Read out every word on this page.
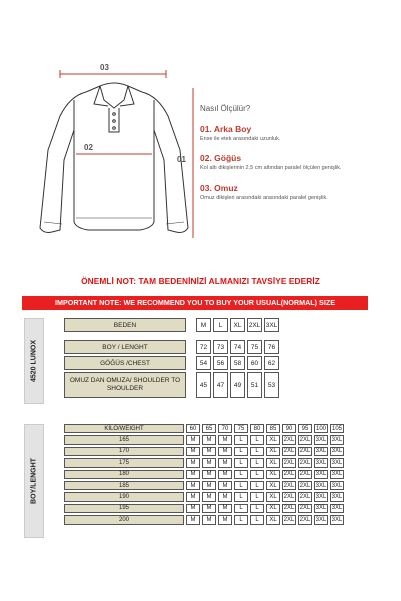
03
02
01
Nasıl Ölçülür?
01. Arka Boy
Ense ile etek arasındaki uzunluk.
02. Göğüs
Kol altı dikişlerinin 2,5 cm altından paralel ölçülen genişlik.
03. Omuz
Omuz dikişleri arasındaki arasındaki paralel genişlik.
ÖNEMLİ NOT: TAM BEDENİNİZİ ALMANIZI TAVSİYE EDERİZ
IMPORTANT NOTE: WE RECOMMEND YOU TO BUY YOUR USUAL(NORMAL) SIZE
4520 LUNOX
BEDEN		M	L	XL	2XL	3XL

BOY / LENGHT		72	73	74	75	76
GÖĞÜS /CHEST		54	56	58	60	62
OMUZ DAN OMUZA/ SHOULDER TO SHOULDER		45	47	49	51	53
BOY/LENGHT
KİLO/WEIGHT	60	65	70	75	80	85	90	95	100	105
165	M	M	M	L	L	XL	2XL	2XL	3XL	3XL
170	M	M	M	L	L	XL	2XL	2XL	3XL	3XL
175	M	M	M	L	L	XL	2XL	2XL	3XL	3XL
180	M	M	M	L	L	XL	2XL	2XL	3XL	3XL
185	M	M	M	L	L	XL	2XL	2XL	3XL	3XL
190	M	M	M	L	L	XL	2XL	2XL	3XL	3XL
195	M	M	M	L	L	XL	2XL	2XL	3XL	3XL
200	M	M	M	L	L	XL	2XL	2XL	3XL	3XL
